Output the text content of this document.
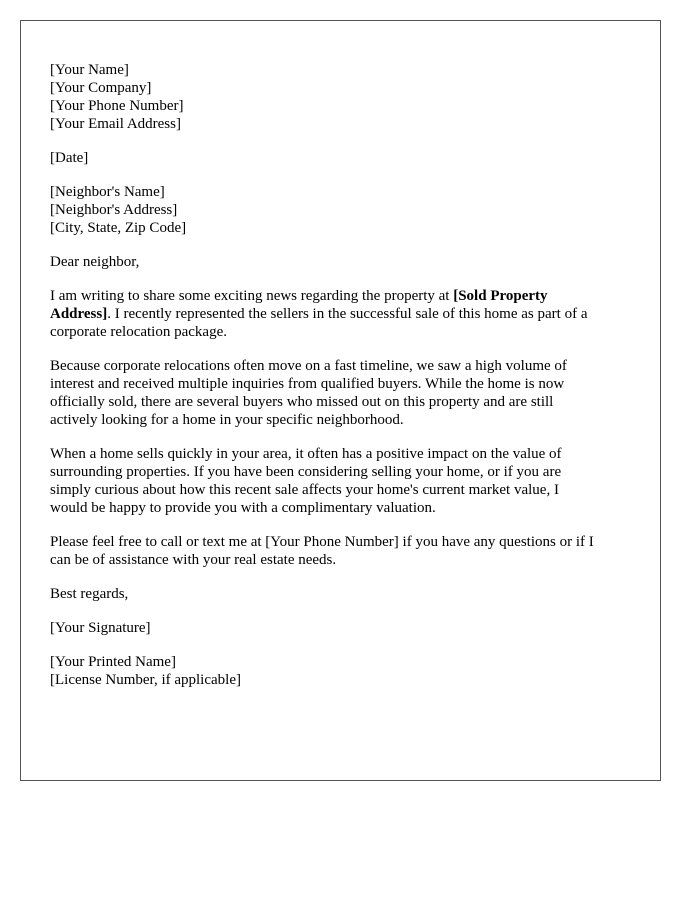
[Your Name]
[Your Company]
[Your Phone Number]
[Your Email Address]
[Date]
[Neighbor's Name]
[Neighbor's Address]
[City, State, Zip Code]
Dear neighbor,
I am writing to share some exciting news regarding the property at [Sold Property
Address]. I recently represented the sellers in the successful sale of this home as part of a
corporate relocation package.
Because corporate relocations often move on a fast timeline, we saw a high volume of
interest and received multiple inquiries from qualified buyers. While the home is now
officially sold, there are several buyers who missed out on this property and are still
actively looking for a home in your specific neighborhood.
When a home sells quickly in your area, it often has a positive impact on the value of
surrounding properties. If you have been considering selling your home, or if you are
simply curious about how this recent sale affects your home's current market value, I
would be happy to provide you with a complimentary valuation.
Please feel free to call or text me at [Your Phone Number] if you have any questions or if I
can be of assistance with your real estate needs.
Best regards,
[Your Signature]
[Your Printed Name]
[License Number, if applicable]
